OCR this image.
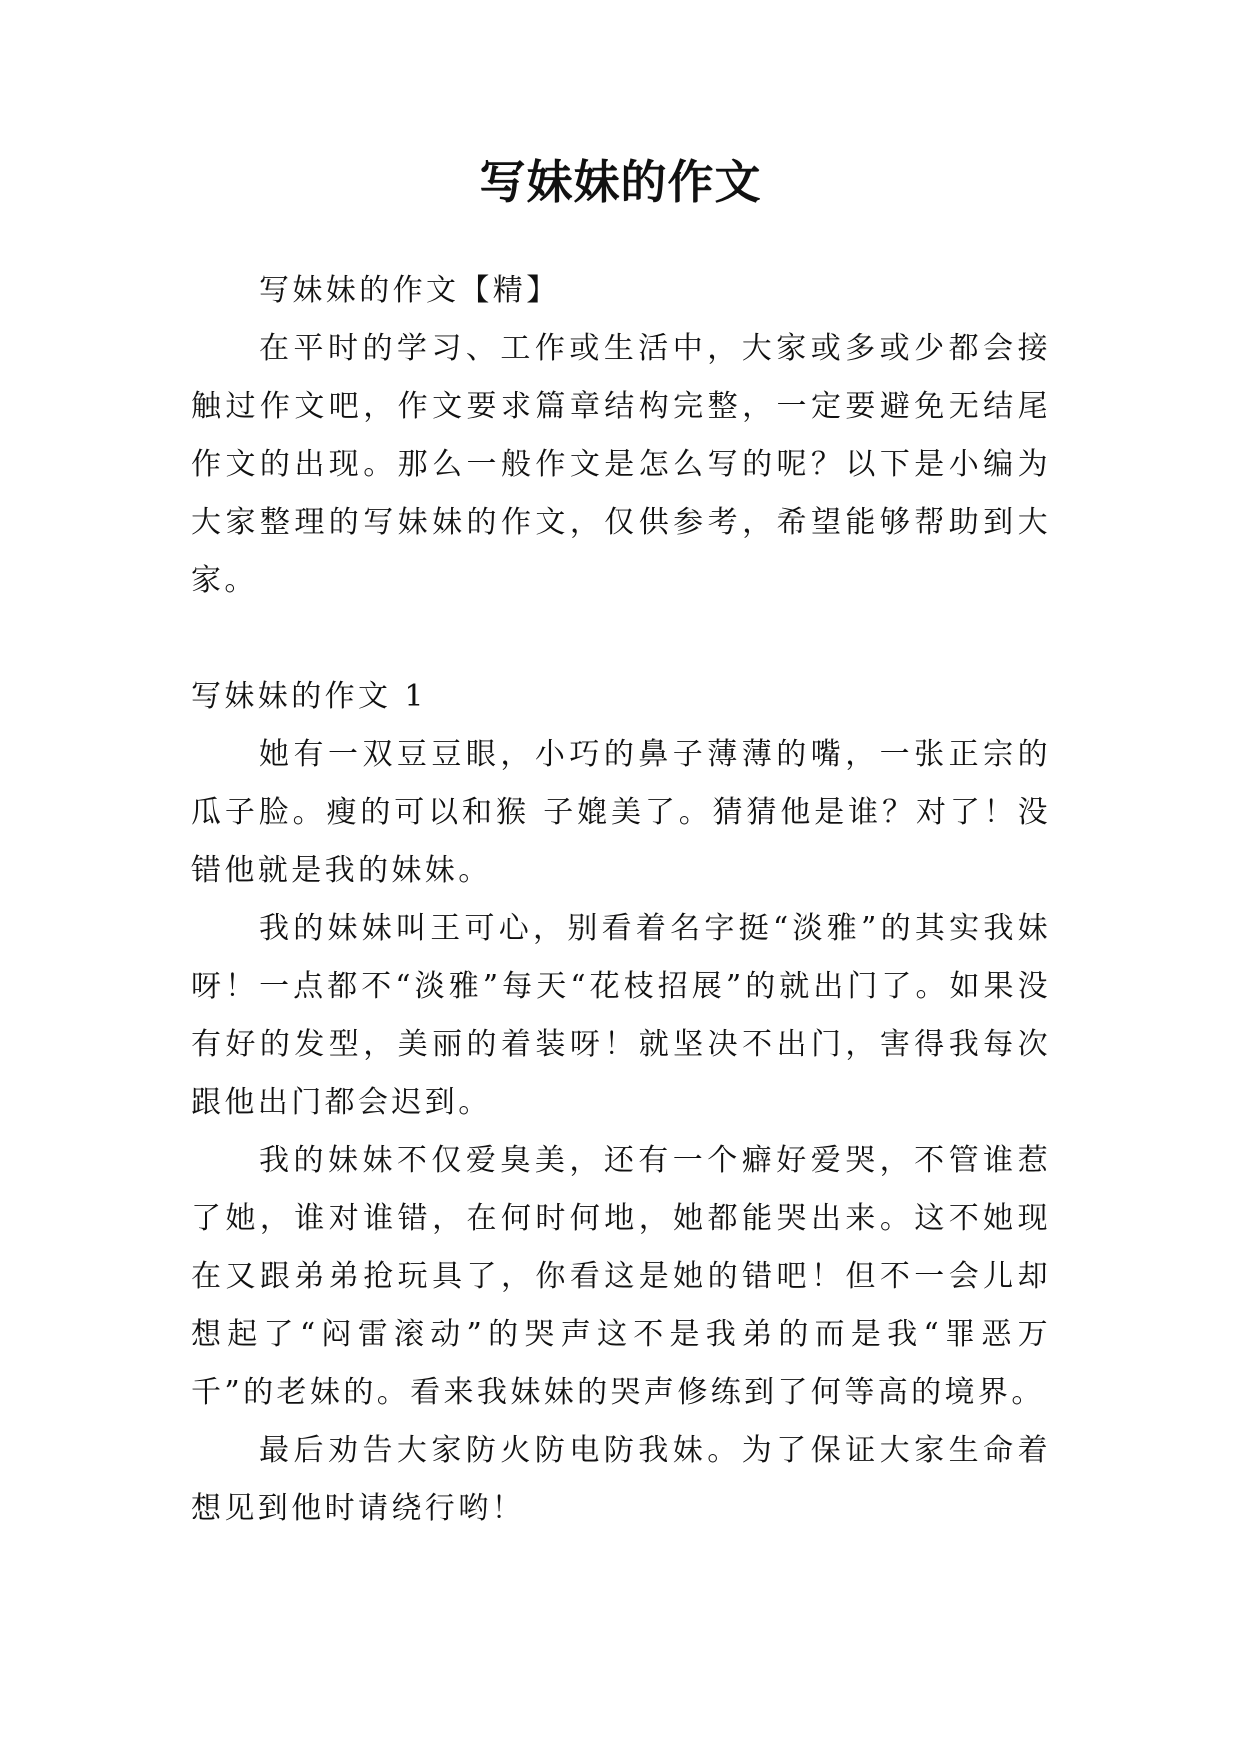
写妹妹的作文

写妹妹的作文【精】

在平时的学习、工作或生活中，大家或多或少都会接触过作文吧，作文要求篇章结构完整，一定要避免无结尾作文的出现。那么一般作文是怎么写的呢？以下是小编为大家整理的写妹妹的作文，仅供参考，希望能够帮助到大家。

写妹妹的作文 1

她有一双豆豆眼，小巧的鼻子薄薄的嘴，一张正宗的瓜子脸。瘦的可以和猴 子媲美了。猜猜他是谁？对了！没错他就是我的妹妹。

我的妹妹叫王可心，别看着名字挺“淡雅”的其实我妹呀！一点都不“淡雅”每天“花枝招展”的就出门了。如果没有好的发型，美丽的着装呀！就坚决不出门，害得我每次跟他出门都会迟到。

我的妹妹不仅爱臭美，还有一个癖好爱哭，不管谁惹了她，谁对谁错，在何时何地，她都能哭出来。这不她现在又跟弟弟抢玩具了，你看这是她的错吧！但不一会儿却想起了“闷雷滚动”的哭声这不是我弟的而是我“罪恶万千”的老妹的。看来我妹妹的哭声修练到了何等高的境界。

最后劝告大家防火防电防我妹。为了保证大家生命着想见到他时请绕行哟！
